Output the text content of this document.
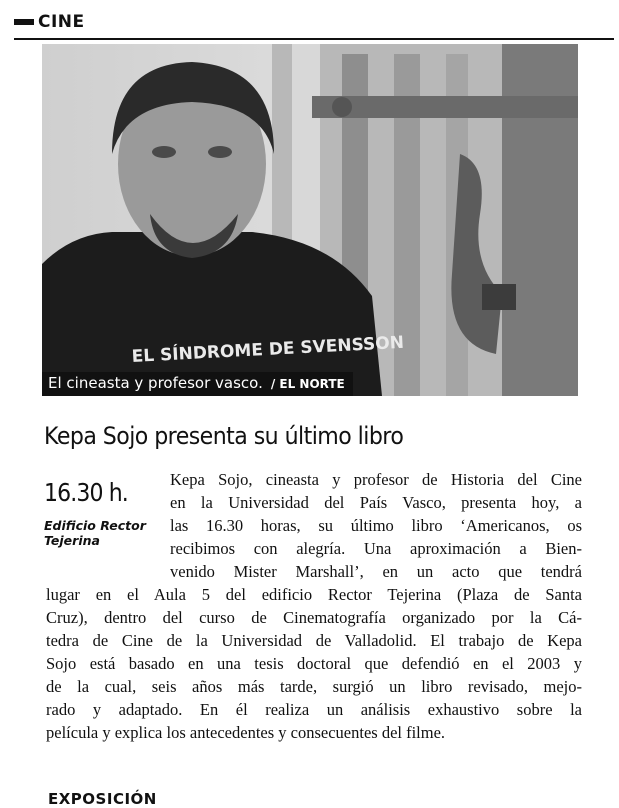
CINE
EL SÍNDROME DE SVENSSON
El cineasta y profesor vasco. / EL NORTE
Kepa Sojo presenta su último libro
16.30 h.
Edificio Rector Tejerina
Kepa Sojo, cineasta y profesor de Historia del Cine
en la Universidad del País Vasco, presenta hoy, a
las 16.30 horas, su último libro ‘Americanos, os
recibimos con alegría. Una aproximación a Bien-
venido Mister Marshall’, en un acto que tendrá
lugar en el Aula 5 del edificio Rector Tejerina (Plaza de Santa
Cruz), dentro del curso de Cinematografía organizado por la Cá-
tedra de Cine de la Universidad de Valladolid. El trabajo de Kepa
Sojo está basado en una tesis doctoral que defendió en el 2003 y
de la cual, seis años más tarde, surgió un libro revisado, mejo-
rado y adaptado. En él realiza un análisis exhaustivo sobre la
película y explica los antecedentes y consecuentes del filme.
EXPOSICIÓN
